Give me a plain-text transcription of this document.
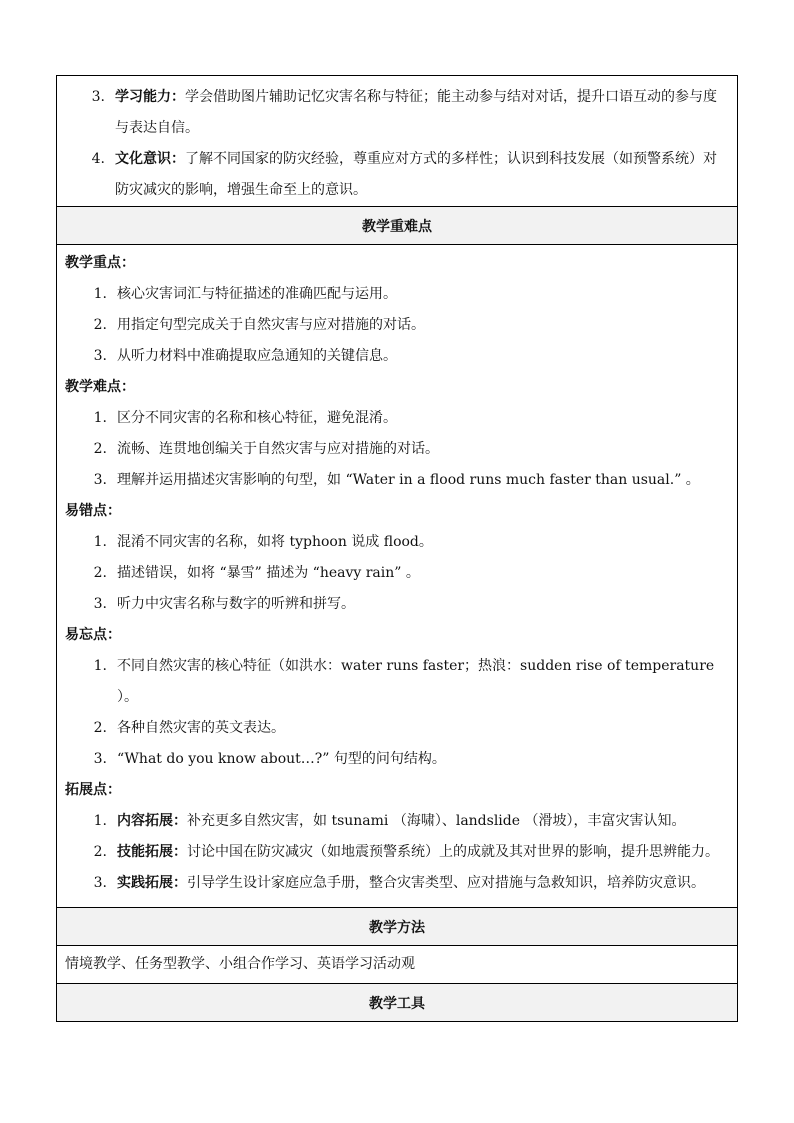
3. 学习能力：学会借助图片辅助记忆灾害名称与特征；能主动参与结对对话，提升口语互动的参与度与表达自信。
4. 文化意识：了解不同国家的防灾经验，尊重应对方式的多样性；认识到科技发展（如预警系统）对防灾减灾的影响，增强生命至上的意识。
教学重难点
教学重点：
1. 核心灾害词汇与特征描述的准确匹配与运用。
2. 用指定句型完成关于自然灾害与应对措施的对话。
3. 从听力材料中准确提取应急通知的关键信息。
教学难点：
1. 区分不同灾害的名称和核心特征，避免混淆。
2. 流畅、连贯地创编关于自然灾害与应对措施的对话。
3. 理解并运用描述灾害影响的句型，如 “Water in a flood runs much faster than usual.” 。
易错点：
1. 混淆不同灾害的名称，如将 typhoon 说成 flood。
2. 描述错误，如将 “暴雪” 描述为 “heavy rain” 。
3. 听力中灾害名称与数字的听辨和拼写。
易忘点：
1. 不同自然灾害的核心特征（如洪水：water runs faster；热浪：sudden rise of temperature ）。
2. 各种自然灾害的英文表达。
3. “What do you know about…?” 句型的问句结构。
拓展点：
1. 内容拓展：补充更多自然灾害，如 tsunami （海啸）、landslide （滑坡），丰富灾害认知。
2. 技能拓展：讨论中国在防灾减灾（如地震预警系统）上的成就及其对世界的影响，提升思辨能力。
3. 实践拓展：引导学生设计家庭应急手册，整合灾害类型、应对措施与急救知识，培养防灾意识。
教学方法
情境教学、任务型教学、小组合作学习、英语学习活动观
教学工具
